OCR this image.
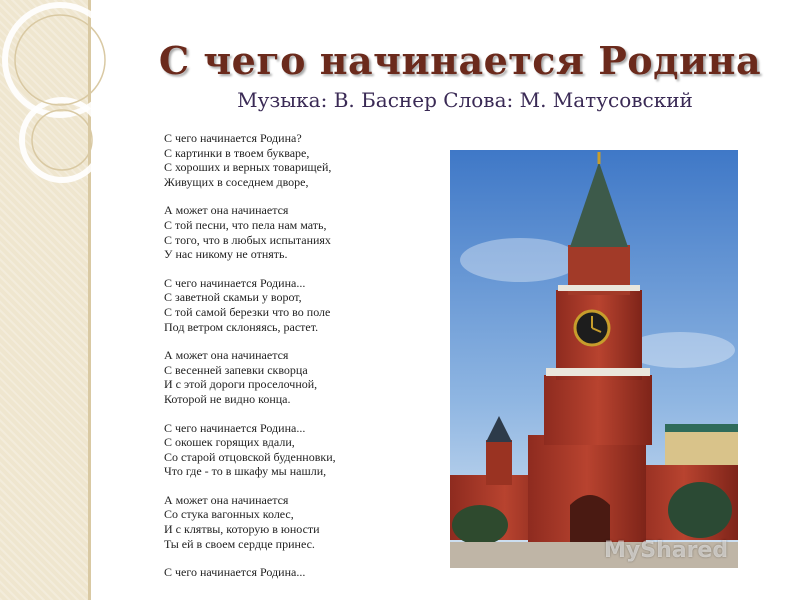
С чего начинается Родина
Музыка: В. Баснер Слова: М. Матусовский
С чего начинается Родина?
С картинки в твоем букваре,
С хороших и верных товарищей,
Живущих в соседнем дворе,
А может она начинается
С той песни, что пела нам мать,
С того, что в любых испытаниях
У нас никому не отнять.
С чего начинается Родина...
С заветной скамьи у ворот,
С той самой березки что во поле
Под ветром склоняясь, растет.
А может она начинается
С весенней запевки скворца
И с этой дороги проселочной,
Которой не видно конца.
С чего начинается Родина...
С окошек горящих вдали,
Со старой отцовской буденновки,
Что где - то в шкафу мы нашли,
А может она начинается
Со стука вагонных колес,
И с клятвы, которую в юности
Ты ей в своем сердце принес.
С чего начинается Родина...
MyShared
